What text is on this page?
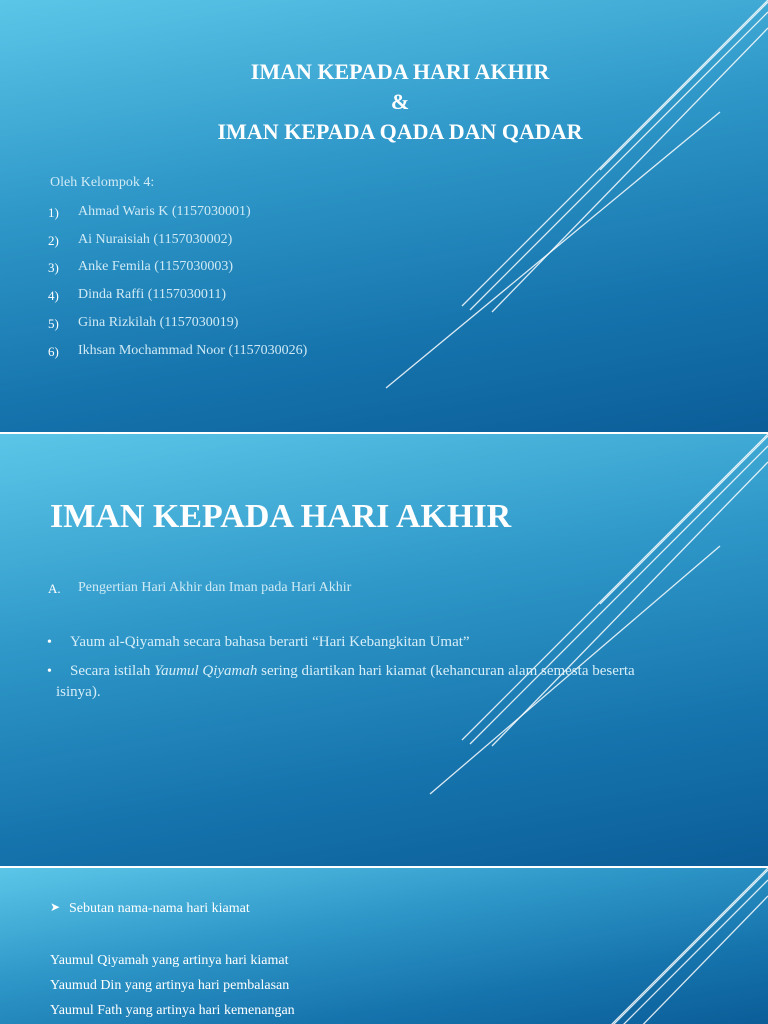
IMAN KEPADA HARI AKHIR
&
IMAN KEPADA QADA DAN QADAR
Oleh Kelompok 4:
1) Ahmad Waris K (1157030001)
2) Ai Nuraisiah (1157030002)
3) Anke Femila (1157030003)
4) Dinda Raffi (1157030011)
5) Gina Rizkilah (1157030019)
6) Ikhsan Mochammad Noor (1157030026)
IMAN KEPADA HARI AKHIR
A. Pengertian Hari Akhir dan Iman pada Hari Akhir
• Yaum al-Qiyamah secara bahasa berarti “Hari Kebangkitan Umat”
• Secara istilah Yaumul Qiyamah sering diartikan hari kiamat (kehancuran alam semesta beserta
isinya).
➤ Sebutan nama-nama hari kiamat
Yaumul Qiyamah yang artinya hari kiamat
Yaumud Din yang artinya hari pembalasan
Yaumul Fath yang artinya hari kemenangan
